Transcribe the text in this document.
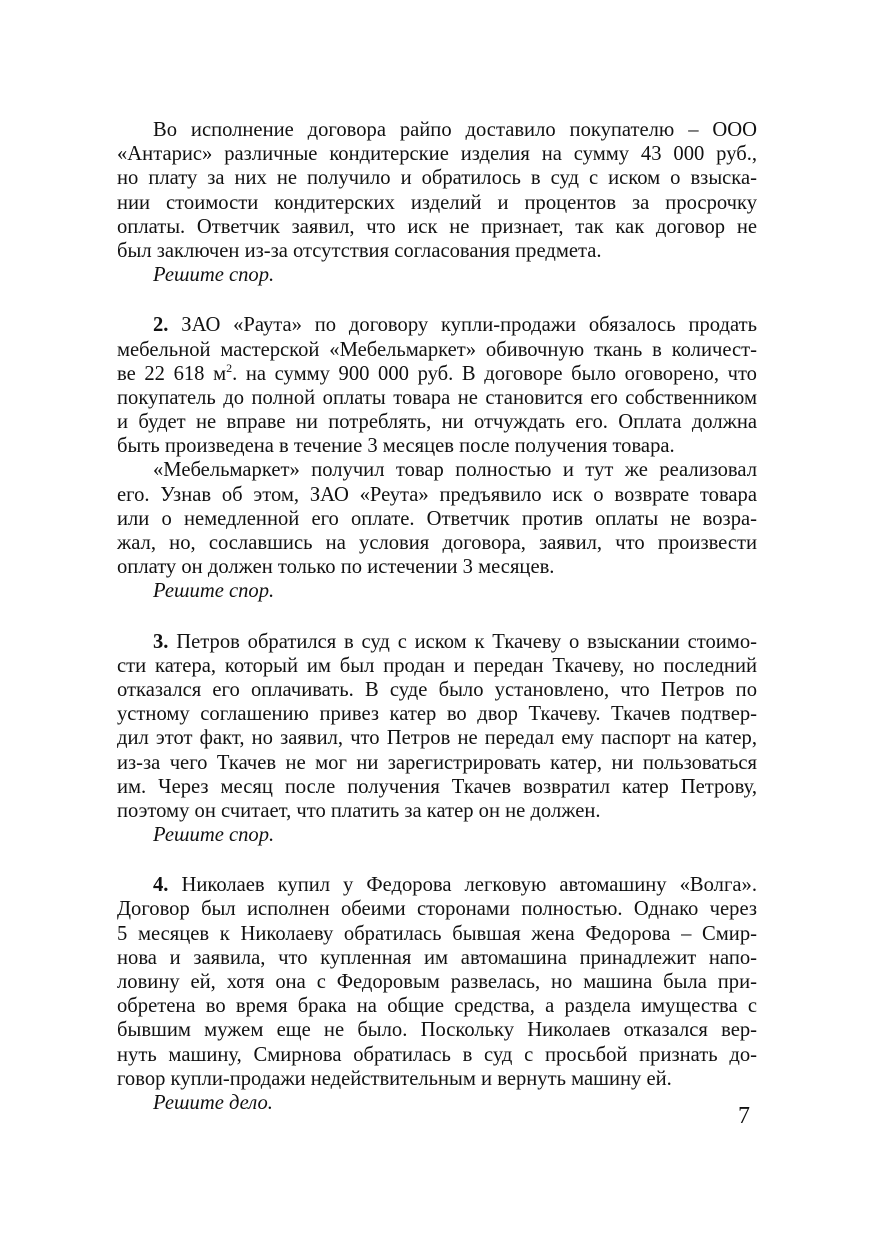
Во исполнение договора райпо доставило покупателю – ООО
«Антарис» различные кондитерские изделия на сумму 43 000 руб.,
но плату за них не получило и обратилось в суд с иском о взыска-
нии стоимости кондитерских изделий и процентов за просрочку
оплаты. Ответчик заявил, что иск не признает, так как договор не
был заключен из-за отсутствия согласования предмета.
Решите спор.
2. ЗАО «Раута» по договору купли-продажи обязалось продать
мебельной мастерской «Мебельмаркет» обивочную ткань в количест-
ве 22 618 $м^2$. на сумму 900 000 руб. В договоре было оговорено, что
покупатель до полной оплаты товара не становится его собственником
и будет не вправе ни потреблять, ни отчуждать его. Оплата должна
быть произведена в течение 3 месяцев после получения товара.
«Мебельмаркет» получил товар полностью и тут же реализовал
его. Узнав об этом, ЗАО «Реута» предъявило иск о возврате товара
или о немедленной его оплате. Ответчик против оплаты не возра-
жал, но, сославшись на условия договора, заявил, что произвести
оплату он должен только по истечении 3 месяцев.
Решите спор.
3. Петров обратился в суд с иском к Ткачеву о взыскании стоимо-
сти катера, который им был продан и передан Ткачеву, но последний
отказался его оплачивать. В суде было установлено, что Петров по
устному соглашению привез катер во двор Ткачеву. Ткачев подтвер-
дил этот факт, но заявил, что Петров не передал ему паспорт на катер,
из-за чего Ткачев не мог ни зарегистрировать катер, ни пользоваться
им. Через месяц после получения Ткачев возвратил катер Петрову,
поэтому он считает, что платить за катер он не должен.
Решите спор.
4. Николаев купил у Федорова легковую автомашину «Волга».
Договор был исполнен обеими сторонами полностью. Однако через
5 месяцев к Николаеву обратилась бывшая жена Федорова – Смир-
нова и заявила, что купленная им автомашина принадлежит напо-
ловину ей, хотя она с Федоровым развелась, но машина была при-
обретена во время брака на общие средства, а раздела имущества с
бывшим мужем еще не было. Поскольку Николаев отказался вер-
нуть машину, Смирнова обратилась в суд с просьбой признать до-
говор купли-продажи недействительным и вернуть машину ей.
Решите дело.
7
